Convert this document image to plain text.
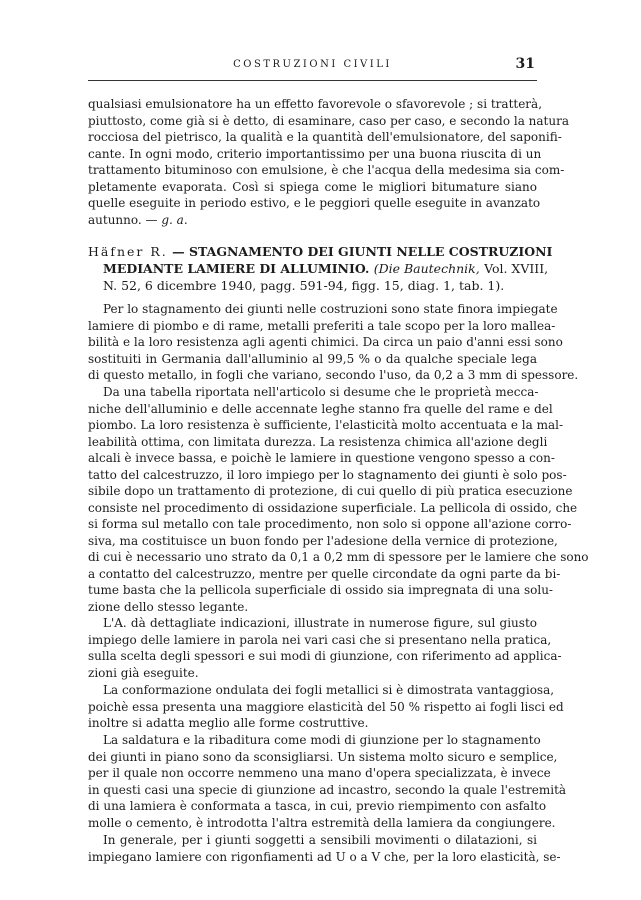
COSTRUZIONI CIVILI	31
qualsiasi emulsionatore ha un effetto favorevole o sfavorevole ; si tratterà,
piuttosto, come già si è detto, di esaminare, caso per caso, e secondo la natura
rocciosa del pietrisco, la qualità e la quantità dell'emulsionatore, del saponifi-
cante. In ogni modo, criterio importantissimo per una buona riuscita di un
trattamento bituminoso con emulsione, è che l'acqua della medesima sia com-
pletamente evaporata. Così si spiega come le migliori bitumature siano
quelle eseguite in periodo estivo, e le peggiori quelle eseguite in avanzato
autunno. — g. a.
Häfner R. — STAGNAMENTO DEI GIUNTI NELLE COSTRUZIONI
MEDIANTE LAMIERE DI ALLUMINIO. (Die Bautechnik, Vol. XVIII,
N. 52, 6 dicembre 1940, pagg. 591-94, figg. 15, diag. 1, tab. 1).
Per lo stagnamento dei giunti nelle costruzioni sono state finora impiegate
lamiere di piombo e di rame, metalli preferiti a tale scopo per la loro mallea-
bilità e la loro resistenza agli agenti chimici. Da circa un paio d'anni essi sono
sostituiti in Germania dall'alluminio al 99,5 % o da qualche speciale lega
di questo metallo, in fogli che variano, secondo l'uso, da 0,2 a 3 mm di spessore.
Da una tabella riportata nell'articolo si desume che le proprietà mecca-
niche dell'alluminio e delle accennate leghe stanno fra quelle del rame e del
piombo. La loro resistenza è sufficiente, l'elasticità molto accentuata e la mal-
leabilità ottima, con limitata durezza. La resistenza chimica all'azione degli
alcali è invece bassa, e poichè le lamiere in questione vengono spesso a con-
tatto del calcestruzzo, il loro impiego per lo stagnamento dei giunti è solo pos-
sibile dopo un trattamento di protezione, di cui quello di più pratica esecuzione
consiste nel procedimento di ossidazione superficiale. La pellicola di ossido, che
si forma sul metallo con tale procedimento, non solo si oppone all'azione corro-
siva, ma costituisce un buon fondo per l'adesione della vernice di protezione,
di cui è necessario uno strato da 0,1 a 0,2 mm di spessore per le lamiere che sono
a contatto del calcestruzzo, mentre per quelle circondate da ogni parte da bi-
tume basta che la pellicola superficiale di ossido sia impregnata di una solu-
zione dello stesso legante.
L'A. dà dettagliate indicazioni, illustrate in numerose figure, sul giusto
impiego delle lamiere in parola nei vari casi che si presentano nella pratica,
sulla scelta degli spessori e sui modi di giunzione, con riferimento ad applica-
zioni già eseguite.
La conformazione ondulata dei fogli metallici si è dimostrata vantaggiosa,
poichè essa presenta una maggiore elasticità del 50 % rispetto ai fogli lisci ed
inoltre si adatta meglio alle forme costruttive.
La saldatura e la ribaditura come modi di giunzione per lo stagnamento
dei giunti in piano sono da sconsigliarsi. Un sistema molto sicuro e semplice,
per il quale non occorre nemmeno una mano d'opera specializzata, è invece
in questi casi una specie di giunzione ad incastro, secondo la quale l'estremità
di una lamiera è conformata a tasca, in cui, previo riempimento con asfalto
molle o cemento, è introdotta l'altra estremità della lamiera da congiungere.
In generale, per i giunti soggetti a sensibili movimenti o dilatazioni, si
impiegano lamiere con rigonfiamenti ad U o a V che, per la loro elasticità, se-
